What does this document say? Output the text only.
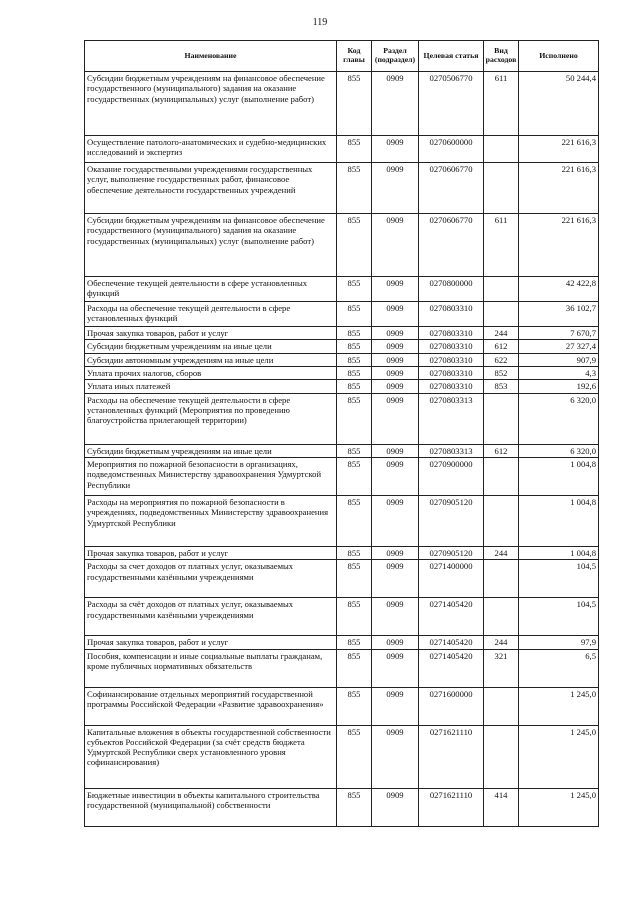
119
Наименование	Код главы	Раздел (подраздел)	Целевая статья	Вид расходов	Исполнено
Субсидии бюджетным учреждениям на финансовое обеспечение государственного (муниципального) задания на оказание государственных (муниципальных) услуг (выполнение работ)	855	0909	0270506770	611	50 244,4
Осуществление патолого-анатомических и судебно-медицинских исследований и экспертиз	855	0909	0270600000		221 616,3
Оказание государственными учреждениями государственных услуг, выполнение государственных работ, финансовое обеспечение деятельности государственных учреждений	855	0909	0270606770		221 616,3
Субсидии бюджетным учреждениям на финансовое обеспечение государственного (муниципального) задания на оказание государственных (муниципальных) услуг (выполнение работ)	855	0909	0270606770	611	221 616,3
Обеспечение текущей деятельности в сфере установленных функций	855	0909	0270800000		42 422,8
Расходы на обеспечение текущей деятельности в сфере установленных функций	855	0909	0270803310		36 102,7
Прочая закупка товаров, работ и услуг	855	0909	0270803310	244	7 670,7
Субсидии бюджетным учреждениям на иные цели	855	0909	0270803310	612	27 327,4
Субсидии автономным учреждениям на иные цели	855	0909	0270803310	622	907,9
Уплата прочих налогов, сборов	855	0909	0270803310	852	4,3
Уплата иных платежей	855	0909	0270803310	853	192,6
Расходы на обеспечение текущей деятельности в сфере установленных функций (Мероприятия по проведению благоустройства прилегающей территории)	855	0909	0270803313		6 320,0
Субсидии бюджетным учреждениям на иные цели	855	0909	0270803313	612	6 320,0
Мероприятия по пожарной безопасности в организациях, подведомственных Министерству здравоохранения Удмуртской Республики	855	0909	0270900000		1 004,8
Расходы на мероприятия по пожарной безопасности в учреждениях, подведомственных Министерству здравоохранения Удмуртской Республики	855	0909	0270905120		1 004,8
Прочая закупка товаров, работ и услуг	855	0909	0270905120	244	1 004,8
Расходы за счет доходов от платных услуг, оказываемых государственными казёнными учреждениями	855	0909	0271400000		104,5
Расходы за счёт доходов от платных услуг, оказываемых государственными казёнными учреждениями	855	0909	0271405420		104,5
Прочая закупка товаров, работ и услуг	855	0909	0271405420	244	97,9
Пособия, компенсации и иные социальные выплаты гражданам, кроме публичных нормативных обязательств	855	0909	0271405420	321	6,5
Софинансирование отдельных мероприятий государственной программы Российской Федерации «Развитие здравоохранения»	855	0909	0271600000		1 245,0
Капитальные вложения в объекты государственной собственности субъектов Российской Федерации (за счёт средств бюджета Удмуртской Республики сверх установленного уровня софинансирования)	855	0909	0271621110		1 245,0
Бюджетные инвестиции в объекты капитального строительства государственной (муниципальной) собственности	855	0909	0271621110	414	1 245,0
